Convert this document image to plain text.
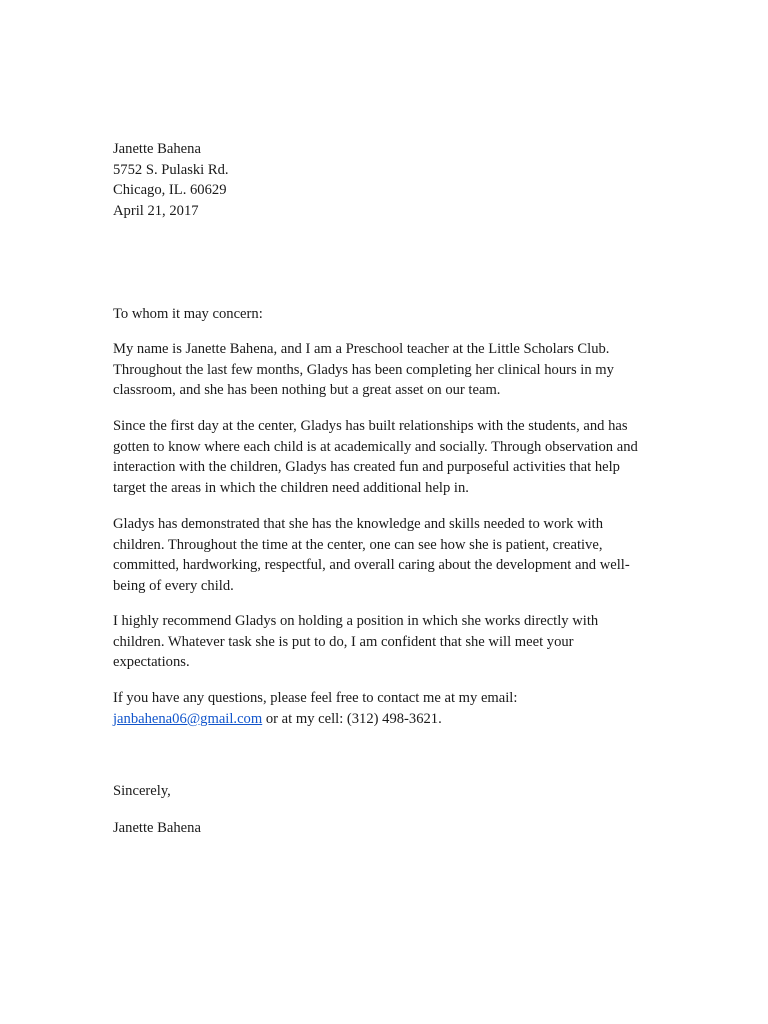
Janette Bahena
5752 S. Pulaski Rd.
Chicago, IL. 60629
April 21, 2017
To whom it may concern:
My name is Janette Bahena, and I am a Preschool teacher at the Little Scholars Club.
Throughout the last few months, Gladys has been completing her clinical hours in my
classroom, and she has been nothing but a great asset on our team.
Since the first day at the center, Gladys has built relationships with the students, and has
gotten to know where each child is at academically and socially. Through observation and
interaction with the children, Gladys has created fun and purposeful activities that help
target the areas in which the children need additional help in.
Gladys has demonstrated that she has the knowledge and skills needed to work with
children. Throughout the time at the center, one can see how she is patient, creative,
committed, hardworking, respectful, and overall caring about the development and well-
being of every child.
I highly recommend Gladys on holding a position in which she works directly with
children. Whatever task she is put to do, I am confident that she will meet your
expectations.
If you have any questions, please feel free to contact me at my email:
janbahena06@gmail.com or at my cell: (312) 498-3621.
Sincerely,
Janette Bahena
